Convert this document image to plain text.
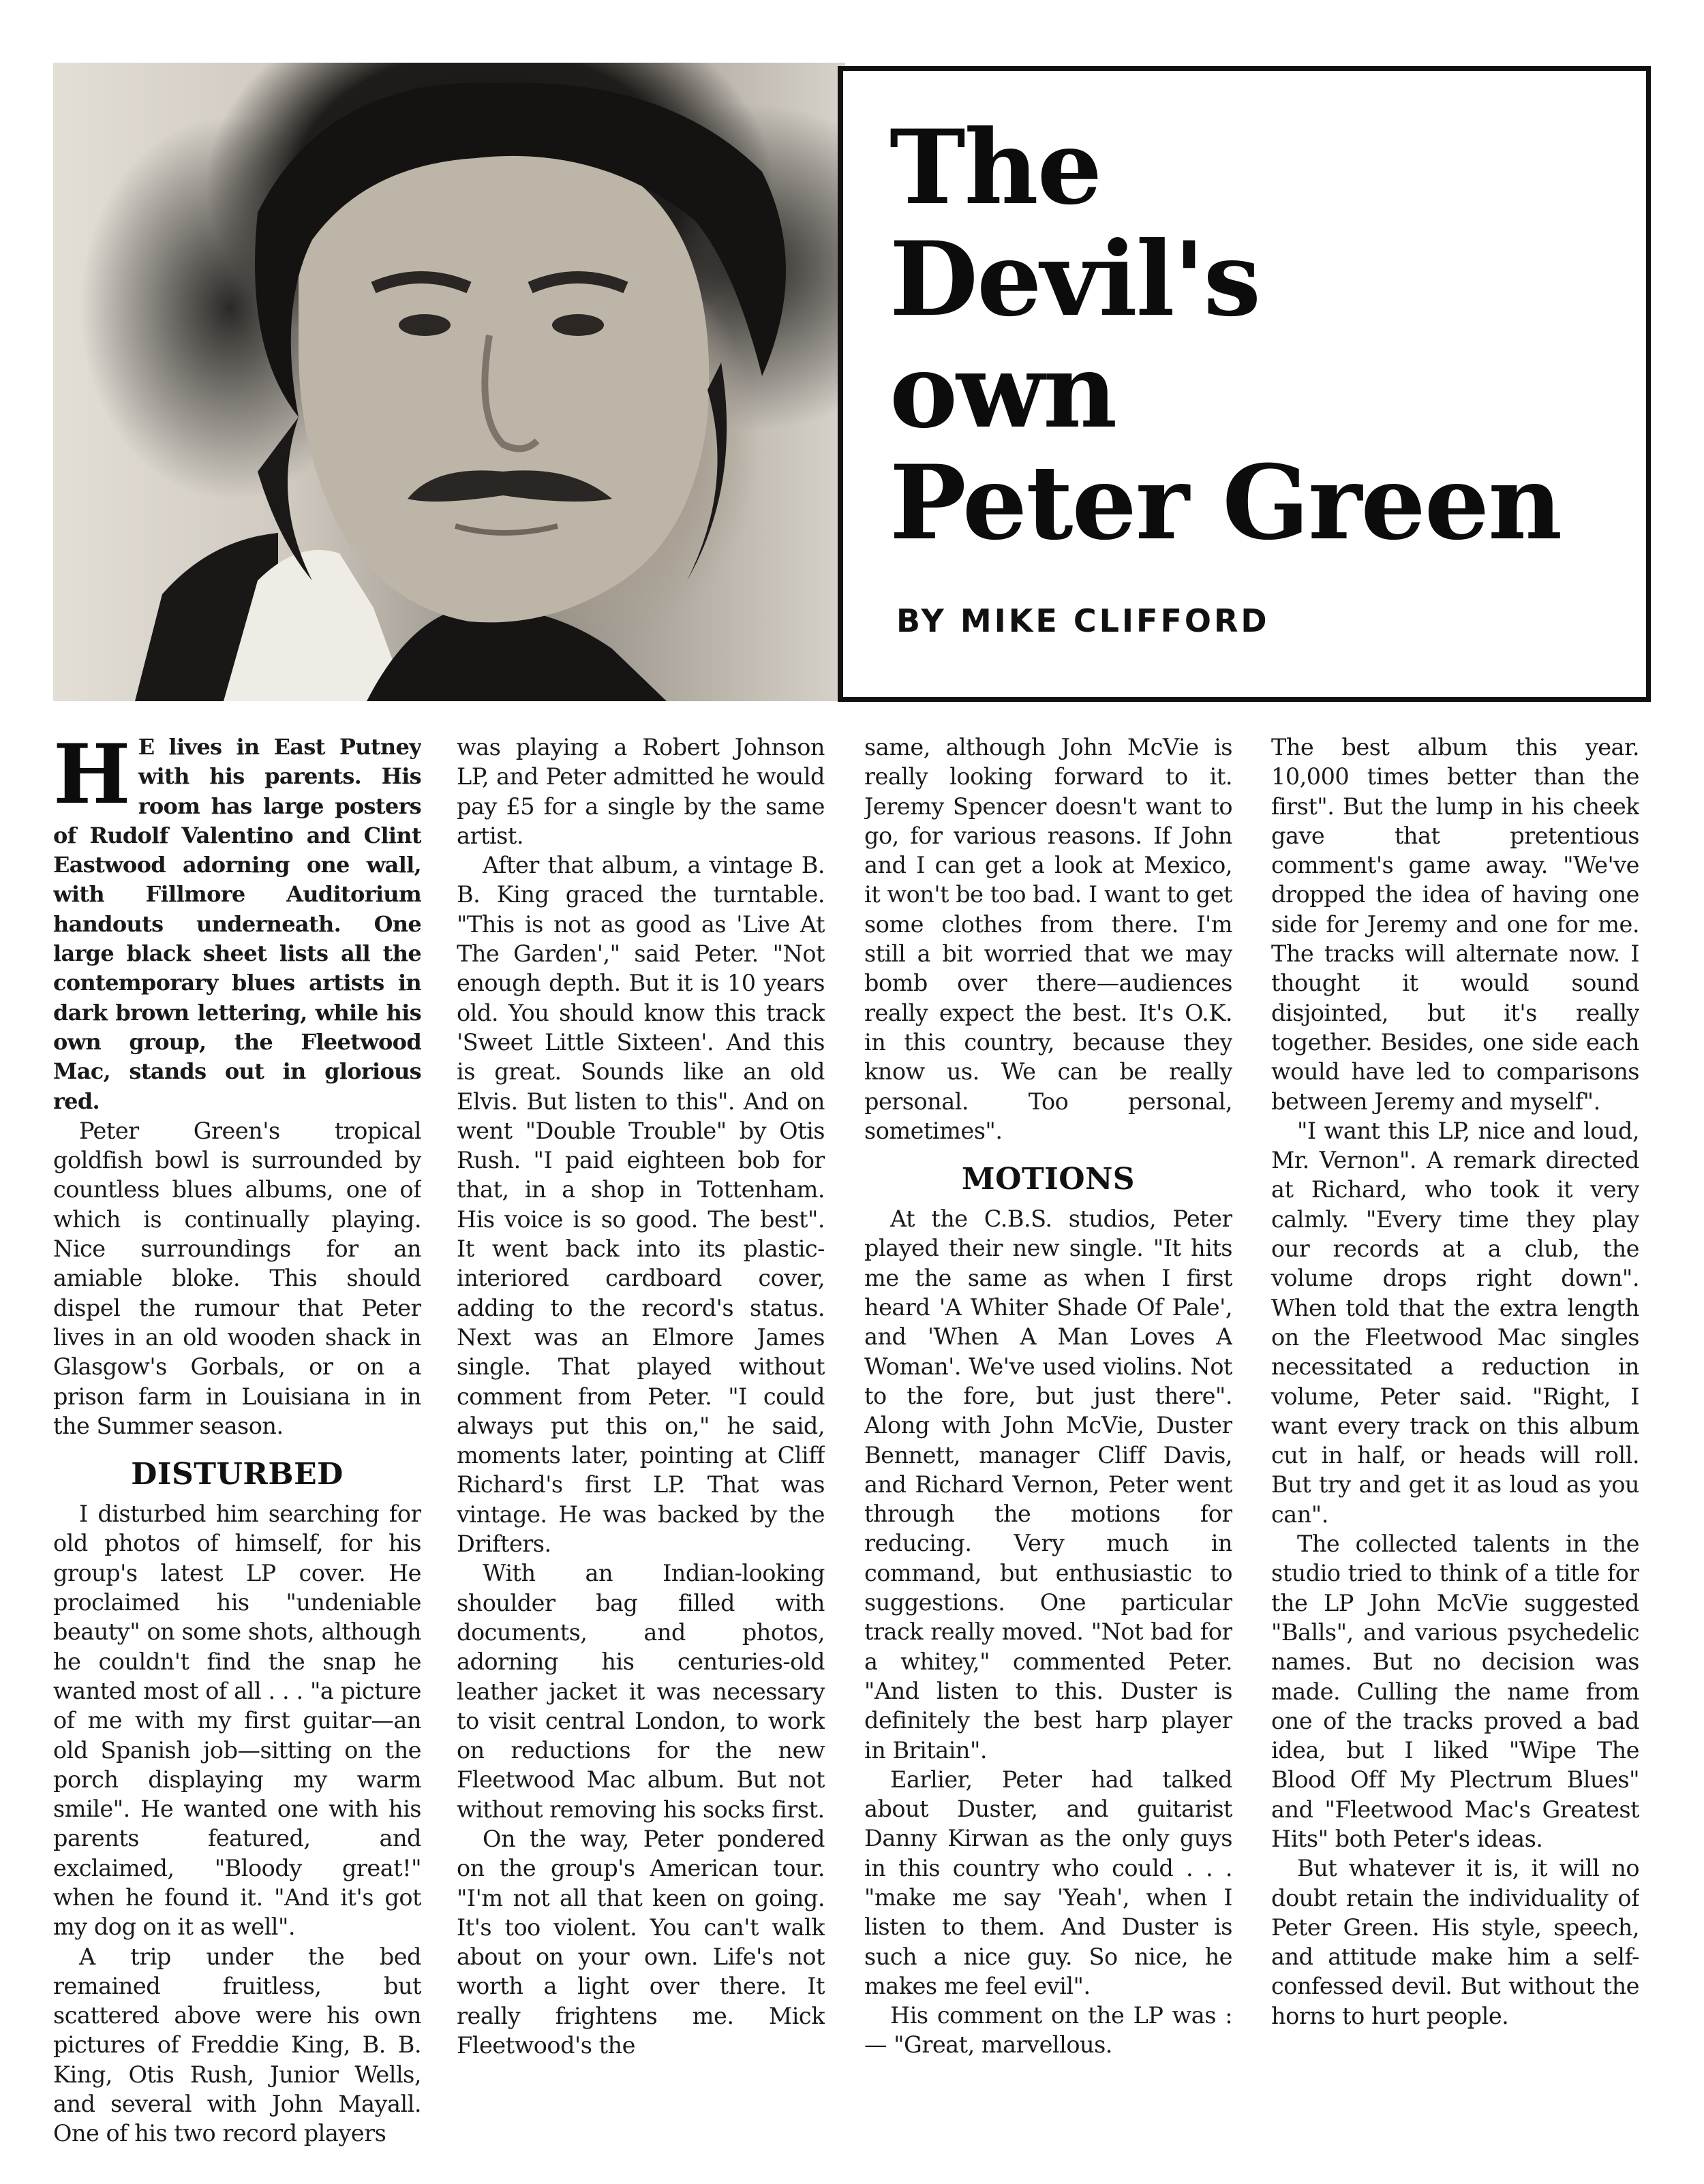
The
Devil's
own
Peter Green
BY MIKE CLIFFORD
H E lives in East Putney with his parents. His room has large posters of Rudolf Valentino and Clint Eastwood adorning one wall, with Fillmore Auditorium handouts underneath. One large black sheet lists all the contemporary blues artists in dark brown lettering, while his own group, the Fleetwood Mac, stands out in glorious red.

Peter Green's tropical goldfish bowl is surrounded by countless blues albums, one of which is continually playing. Nice surroundings for an amiable bloke. This should dispel the rumour that Peter lives in an old wooden shack in Glasgow's Gorbals, or on a prison farm in Louisiana in in the Summer season.

DISTURBED

I disturbed him searching for old photos of himself, for his group's latest LP cover. He proclaimed his "undeniable beauty" on some shots, although he couldn't find the snap he wanted most of all . . . "a picture of me with my first guitar—an old Spanish job—sitting on the porch displaying my warm smile". He wanted one with his parents featured, and exclaimed, "Bloody great!" when he found it. "And it's got my dog on it as well".

A trip under the bed remained fruitless, but scattered above were his own pictures of Freddie King, B. B. King, Otis Rush, Junior Wells, and several with John Mayall. One of his two record players

was playing a Robert Johnson LP, and Peter admitted he would pay £5 for a single by the same artist.

After that album, a vintage B. B. King graced the turntable. "This is not as good as 'Live At The Garden'," said Peter. "Not enough depth. But it is 10 years old. You should know this track 'Sweet Little Sixteen'. And this is great. Sounds like an old Elvis. But listen to this". And on went "Double Trouble" by Otis Rush. "I paid eighteen bob for that, in a shop in Tottenham. His voice is so good. The best". It went back into its plastic-interiored cardboard cover, adding to the record's status. Next was an Elmore James single. That played without comment from Peter. "I could always put this on," he said, moments later, pointing at Cliff Richard's first LP. That was vintage. He was backed by the Drifters.

With an Indian-looking shoulder bag filled with documents, and photos, adorning his centuries-old leather jacket it was necessary to visit central London, to work on reductions for the new Fleetwood Mac album. But not without removing his socks first.

On the way, Peter pondered on the group's American tour. "I'm not all that keen on going. It's too violent. You can't walk about on your own. Life's not worth a light over there. It really frightens me. Mick Fleetwood's the

same, although John McVie is really looking forward to it. Jeremy Spencer doesn't want to go, for various reasons. If John and I can get a look at Mexico, it won't be too bad. I want to get some clothes from there. I'm still a bit worried that we may bomb over there—audiences really expect the best. It's O.K. in this country, because they know us. We can be really personal. Too personal, sometimes".

MOTIONS

At the C.B.S. studios, Peter played their new single. "It hits me the same as when I first heard 'A Whiter Shade Of Pale', and 'When A Man Loves A Woman'. We've used violins. Not to the fore, but just there". Along with John McVie, Duster Bennett, manager Cliff Davis, and Richard Vernon, Peter went through the motions for reducing. Very much in command, but enthusiastic to suggestions. One particular track really moved. "Not bad for a whitey," commented Peter. "And listen to this. Duster is definitely the best harp player in Britain".

Earlier, Peter had talked about Duster, and guitarist Danny Kirwan as the only guys in this country who could . . . "make me say 'Yeah', when I listen to them. And Duster is such a nice guy. So nice, he makes me feel evil".

His comment on the LP was : — "Great, marvellous.

The best album this year. 10,000 times better than the first". But the lump in his cheek gave that pretentious comment's game away. "We've dropped the idea of having one side for Jeremy and one for me. The tracks will alternate now. I thought it would sound disjointed, but it's really together. Besides, one side each would have led to comparisons between Jeremy and myself".

"I want this LP, nice and loud, Mr. Vernon". A remark directed at Richard, who took it very calmly. "Every time they play our records at a club, the volume drops right down". When told that the extra length on the Fleetwood Mac singles necessitated a reduction in volume, Peter said. "Right, I want every track on this album cut in half, or heads will roll. But try and get it as loud as you can".

The collected talents in the studio tried to think of a title for the LP John McVie suggested "Balls", and various psychedelic names. But no decision was made. Culling the name from one of the tracks proved a bad idea, but I liked "Wipe The Blood Off My Plectrum Blues" and "Fleetwood Mac's Greatest Hits" both Peter's ideas.

But whatever it is, it will no doubt retain the individuality of Peter Green. His style, speech, and attitude make him a self-confessed devil. But without the horns to hurt people.
